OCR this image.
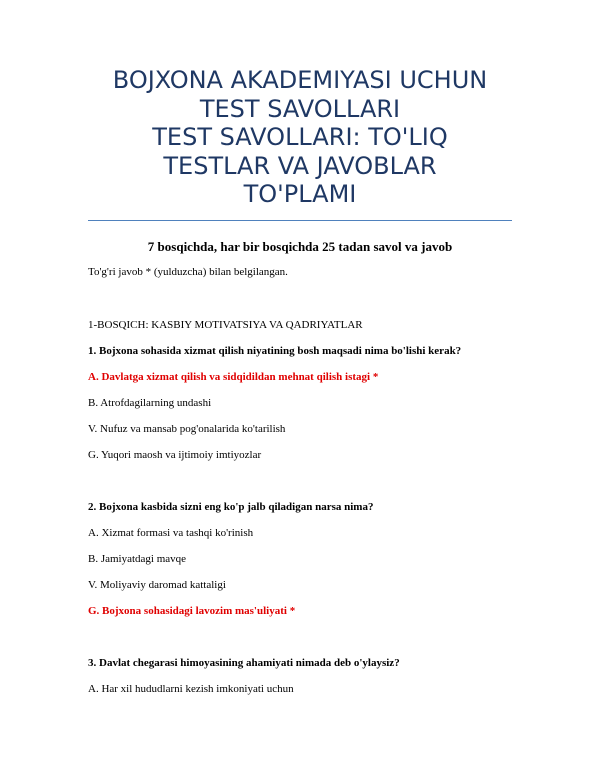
BOJXONA AKADEMIYASI UCHUN
TEST SAVOLLARI
TEST SAVOLLARI: TO'LIQ
TESTLAR VA JAVOBLAR
TO'PLAMI
7 bosqichda, har bir bosqichda 25 tadan savol va javob
To'g'ri javob * (yulduzcha) bilan belgilangan.
1-BOSQICH: KASBIY MOTIVATSIYA VA QADRIYATLAR
1. Bojxona sohasida xizmat qilish niyatining bosh maqsadi nima bo'lishi kerak?
A. Davlatga xizmat qilish va sidqidildan mehnat qilish istagi *
B. Atrofdagilarning undashi
V. Nufuz va mansab pog'onalarida ko'tarilish
G. Yuqori maosh va ijtimoiy imtiyozlar
2. Bojxona kasbida sizni eng ko'p jalb qiladigan narsa nima?
A. Xizmat formasi va tashqi ko'rinish
B. Jamiyatdagi mavqe
V. Moliyaviy daromad kattaligi
G. Bojxona sohasidagi lavozim mas'uliyati *
3. Davlat chegarasi himoyasining ahamiyati nimada deb o'ylaysiz?
A. Har xil hududlarni kezish imkoniyati uchun
